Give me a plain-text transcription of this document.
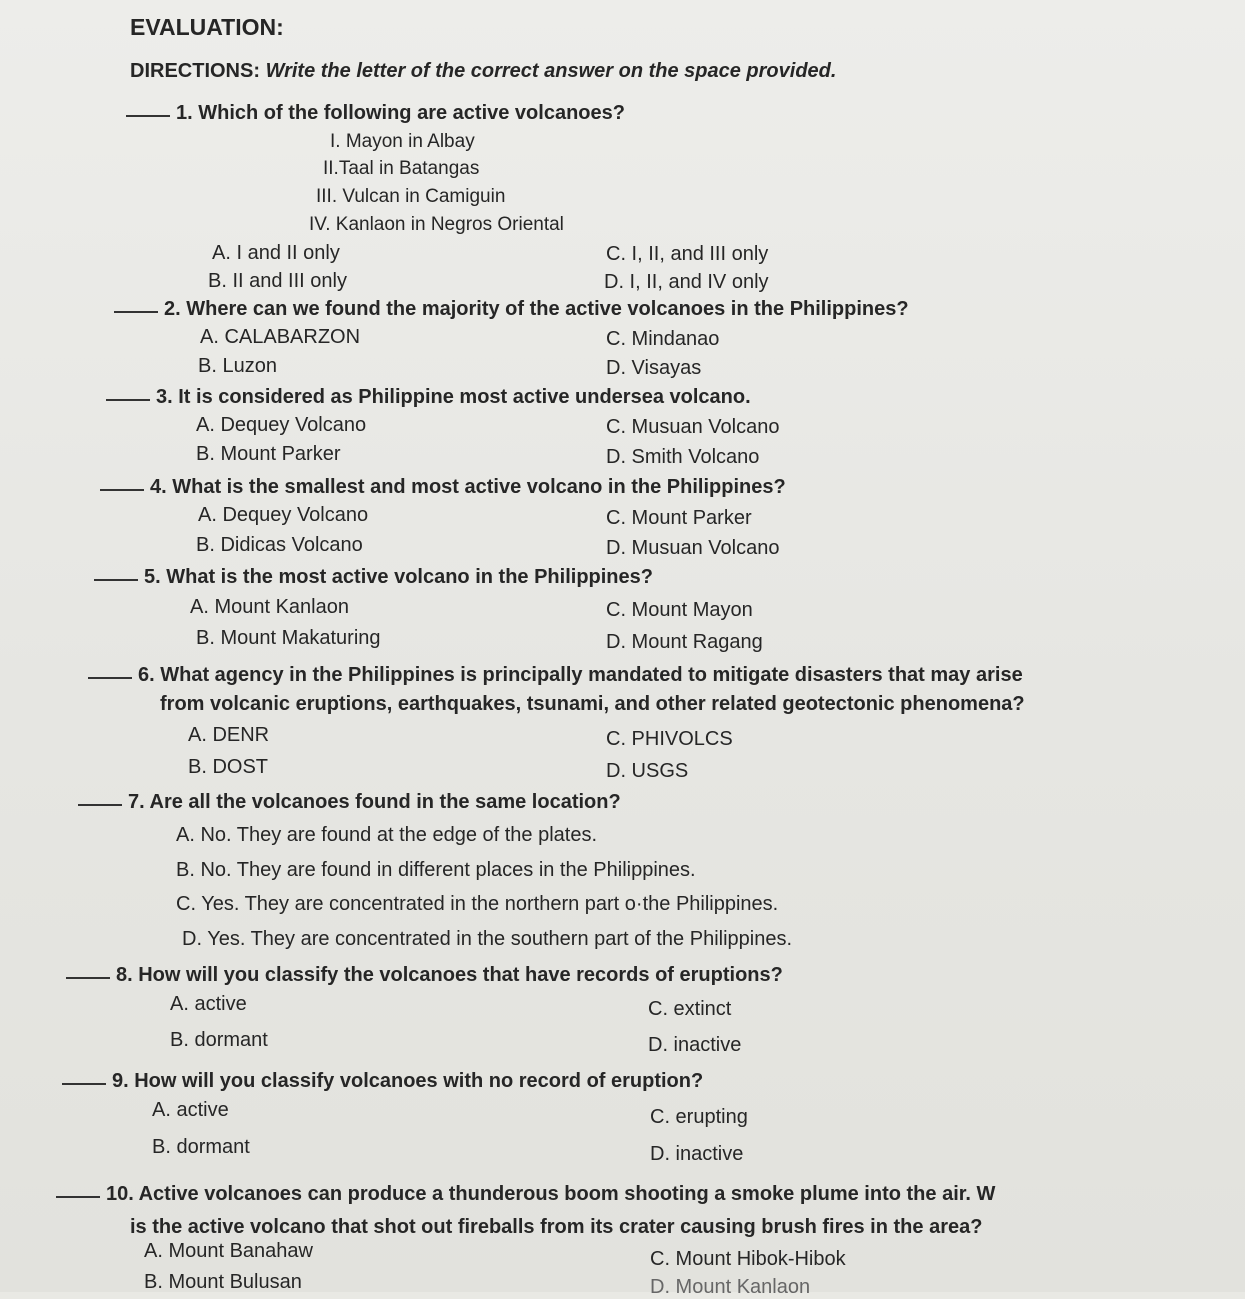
EVALUATION:
DIRECTIONS: Write the letter of the correct answer on the space provided.
1. Which of the following are active volcanoes?
I. Mayon in Albay
II.Taal in Batangas
III. Vulcan in Camiguin
IV. Kanlaon in Negros Oriental
A. I and II only
B. II and III only
C. I, II, and III only
D. I, II, and IV only
2. Where can we found the majority of the active volcanoes in the Philippines?
A. CALABARZON
B. Luzon
C. Mindanao
D. Visayas
3. It is considered as Philippine most active undersea volcano.
A. Dequey Volcano
B. Mount Parker
C. Musuan Volcano
D. Smith Volcano
4. What is the smallest and most active volcano in the Philippines?
A. Dequey Volcano
B. Didicas Volcano
C. Mount Parker
D. Musuan Volcano
5. What is the most active volcano in the Philippines?
A. Mount Kanlaon
B. Mount Makaturing
C. Mount Mayon
D. Mount Ragang
6. What agency in the Philippines is principally mandated to mitigate disasters that may arise
from volcanic eruptions, earthquakes, tsunami, and other related geotectonic phenomena?
A. DENR
B. DOST
C. PHIVOLCS
D. USGS
7. Are all the volcanoes found in the same location?
A. No. They are found at the edge of the plates.
B. No. They are found in different places in the Philippines.
C. Yes. They are concentrated in the northern part o·the Philippines.
D. Yes. They are concentrated in the southern part of the Philippines.
8. How will you classify the volcanoes that have records of eruptions?
A. active
B. dormant
C. extinct
D. inactive
9. How will you classify volcanoes with no record of eruption?
A. active
B. dormant
C. erupting
D. inactive
10. Active volcanoes can produce a thunderous boom shooting a smoke plume into the air. W
is the active volcano that shot out fireballs from its crater causing brush fires in the area?
A. Mount Banahaw
B. Mount Bulusan
C. Mount Hibok-Hibok
D. Mount Kanlaon
